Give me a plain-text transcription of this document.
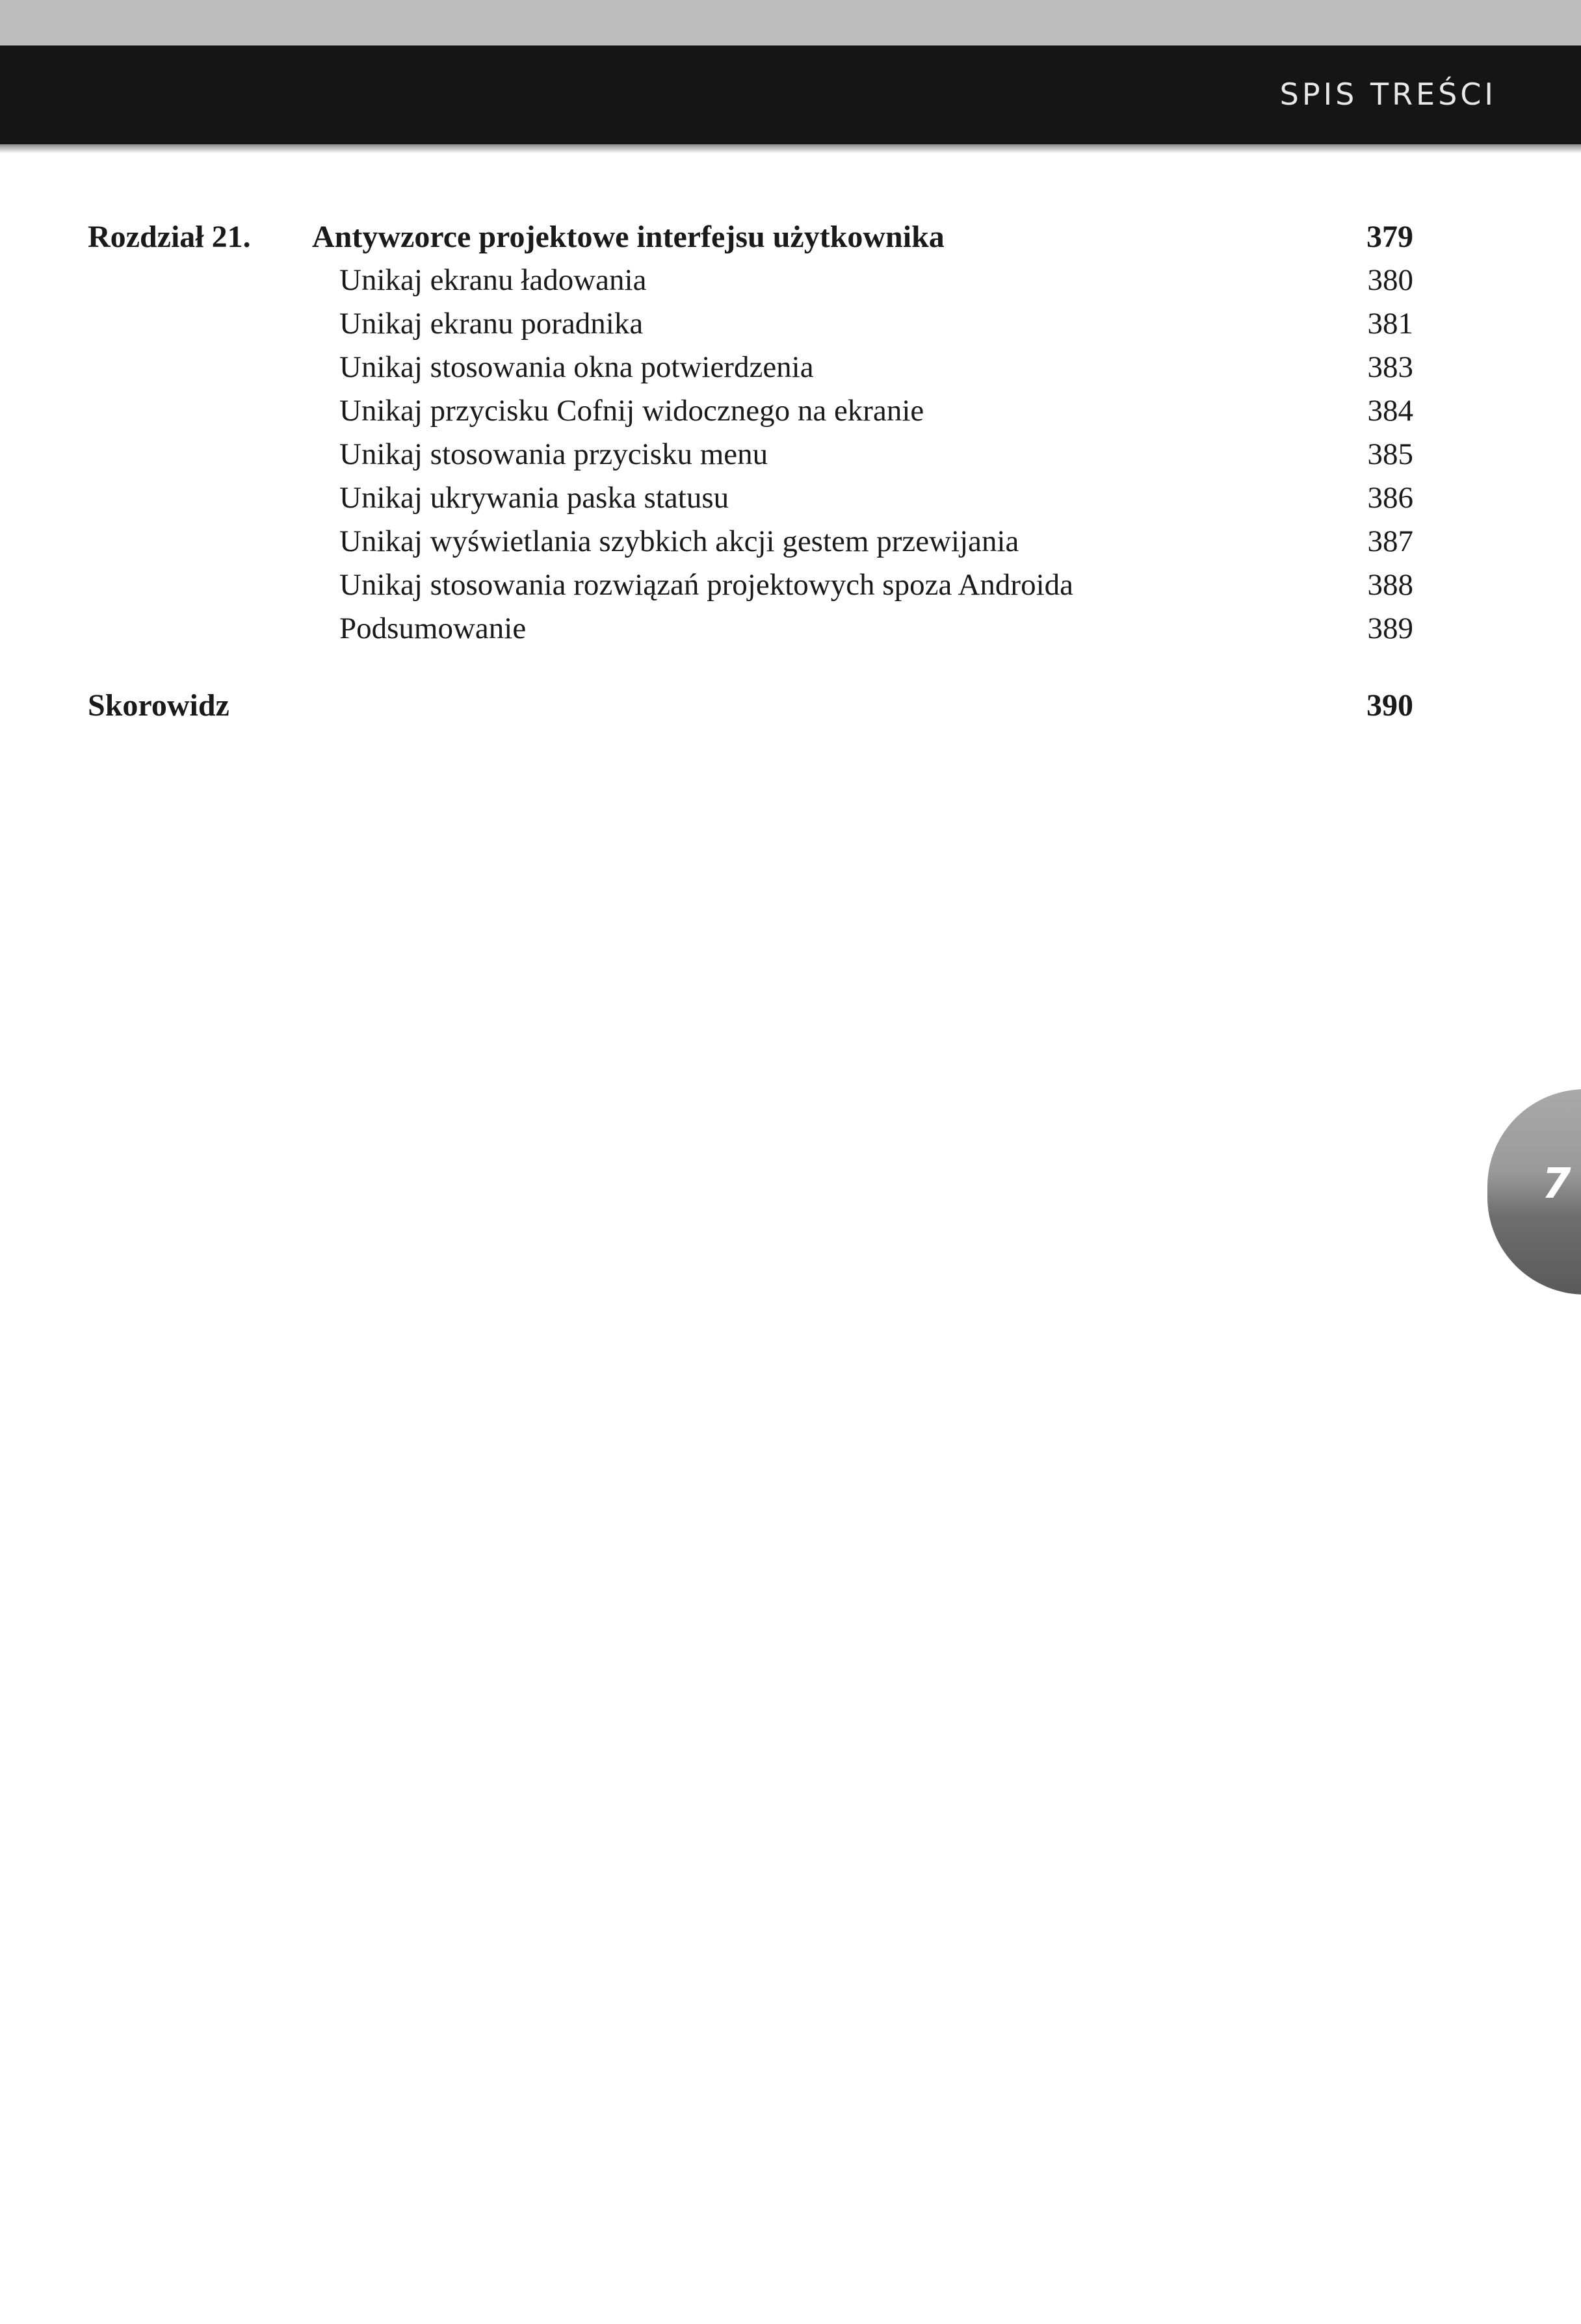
SPIS TREŚCI
Rozdział 21. Antywzorce projektowe interfejsu użytkownika	379
Unikaj ekranu ładowania	380
Unikaj ekranu poradnika	381
Unikaj stosowania okna potwierdzenia	383
Unikaj przycisku Cofnij widocznego na ekranie	384
Unikaj stosowania przycisku menu	385
Unikaj ukrywania paska statusu	386
Unikaj wyświetlania szybkich akcji gestem przewijania	387
Unikaj stosowania rozwiązań projektowych spoza Androida	388
Podsumowanie	389
Skorowidz	390
7
